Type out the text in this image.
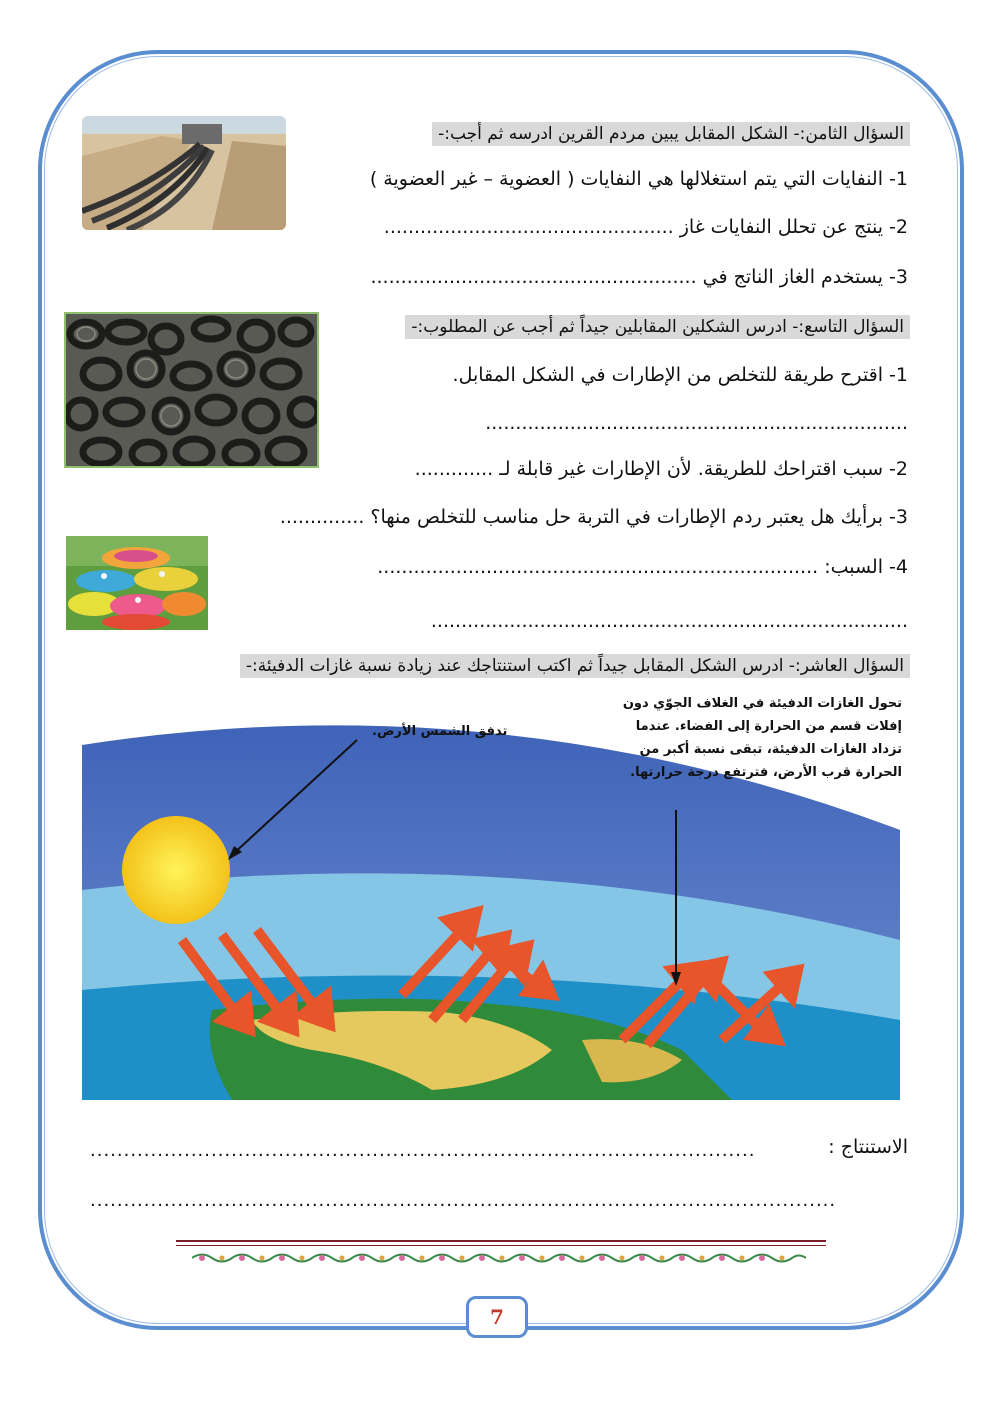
السؤال الثامن:- الشكل المقابل يبين مردم القرين ادرسه ثم أجب:-
1- النفايات التي يتم استغلالها هي النفايات ( العضوية – غير العضوية )
2- ينتج عن تحلل النفايات غاز ................................................
3- يستخدم الغاز الناتج في ......................................................
السؤال التاسع:- ادرس الشكلين المقابلين جيداً ثم أجب عن المطلوب:-
1- اقترح طريقة للتخلص من الإطارات في الشكل المقابل.
......................................................................
2- سبب اقتراحك للطريقة. لأن الإطارات غير قابلة لـ .............
3- برأيك هل يعتبر ردم الإطارات في التربة حل مناسب للتخلص منها؟ ..............
4- السبب: .........................................................................
...............................................................................
السؤال العاشر:- ادرس الشكل المقابل جيداً ثم اكتب استنتاجك عند زيادة نسبة غازات الدفيئة:-
تدفق الشمس الأرض.
تحول الغازات الدفيئة في الغلاف الجوّي دون
إفلات قسم من الحرارة إلى الفضاء. عندما
تزداد الغازات الدفيئة، تبقى نسبة أكبر من
الحرارة قرب الأرض، فترتفع درجة حرارتها.
الاستنتاج :
...................................................................................................
...............................................................................................................
7
